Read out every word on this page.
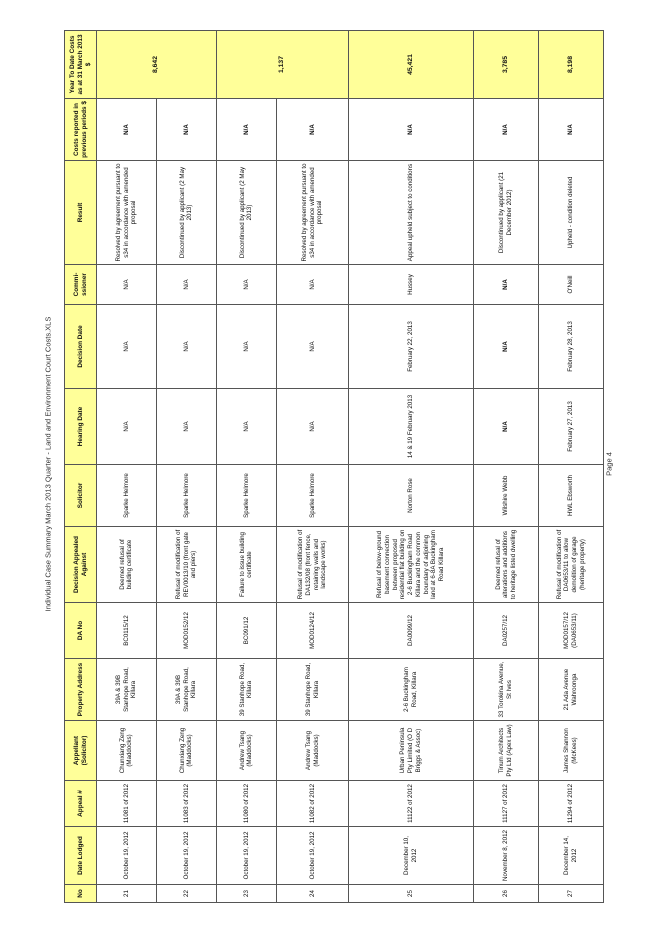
Individual Case Summary March 2013 Quarter - Land and Environment Court Costs.XLS
No	Date Lodged	Appeal #	Appellant (Solicitor)	Property Address	DA No	Decision Appealed Against	Solicitor	Hearing Date	Decision Date	Commi-ssioner	Result	Costs reported in previous periods $	Year To Date Costs as at 31 March 2013 $
21	October 19, 2012	11081 of 2012	Chunxiang Zeng (Maddocks)	39A & 39B Stanhope Road, Killara	BC0115/12	Deemed refusal of building certificate	Sparke Helmore	N/A	N/A	N/A	Resolved by agreement pursuant to s34 in accordance with amended proposal	N/A	8,642
22	October 19, 2012	11083 of 2012	Chunxiang Zeng (Maddocks)	39A & 39B Stanhope Road, Killara	MOD0152/12	Refusal of modification of REV0013/10 (front gate and piers)	Sparke Helmore	N/A	N/A	N/A	Discontinued by applicant (2 May 2013)	N/A	
23	October 19, 2012	11080 of 2012	Andrew Tsang (Maddocks)	39 Stanhope Road, Killara	BC091/12	Failure to issue building certificate	Sparke Helmore	N/A	N/A	N/A	Discontinued by applicant (2 May 2013)	N/A	1,137
24	October 19, 2012	11082 of 2012	Andrew Tsang (Maddocks)	39 Stanhope Road, Killara	MOD0124/12	Refusal of modification of DA132/08 (front fence, retaining walls and landscape works)	Sparke Helmore	N/A	N/A	N/A	Resolved by agreement pursuant to s34 in accordance with amended proposal	N/A	
25	December 10, 2012	11122 of 2012	Urban Peninsula Pty Limited (O D Briggs & Assoc)	2-6 Buckingham Road, Killara	DA0099/12	Refusal of below-ground basement connection between proposed residential flat building on 2-6 Buckingham Road Killara and the common boundary of adjoining land at 6-8A Buckingham Road Killara	Norton Rose	14 & 19 February 2013	February 22, 2013	Hussey	Appeal upheld subject to conditions	N/A	45,421
26	November 8, 2012	11127 of 2012	Tinum Architects Pty Ltd (Apex Law)	33 Torokina Avenue, St Ives	DA0257/12	Deemed refusal of alterations and additions to heritage listed dwelling	Wilshire Webb	N/A	N/A	N/A	Discontinued by applicant (21 December 2012)	N/A	3,785
27	December 14, 2012	11294 of 2012	James Shannon (McKees)	21 Ada Avenue Wahroonga	MOD0157/12 (DA0653/11)	Refusal of modification of DA0653/11 to allow demolition of garage (heritage property)	HWL Ebsworth	February 27, 2013	February 28, 2013	O'Neill	Upheld - condition deleted	N/A	8,198
Page 4
